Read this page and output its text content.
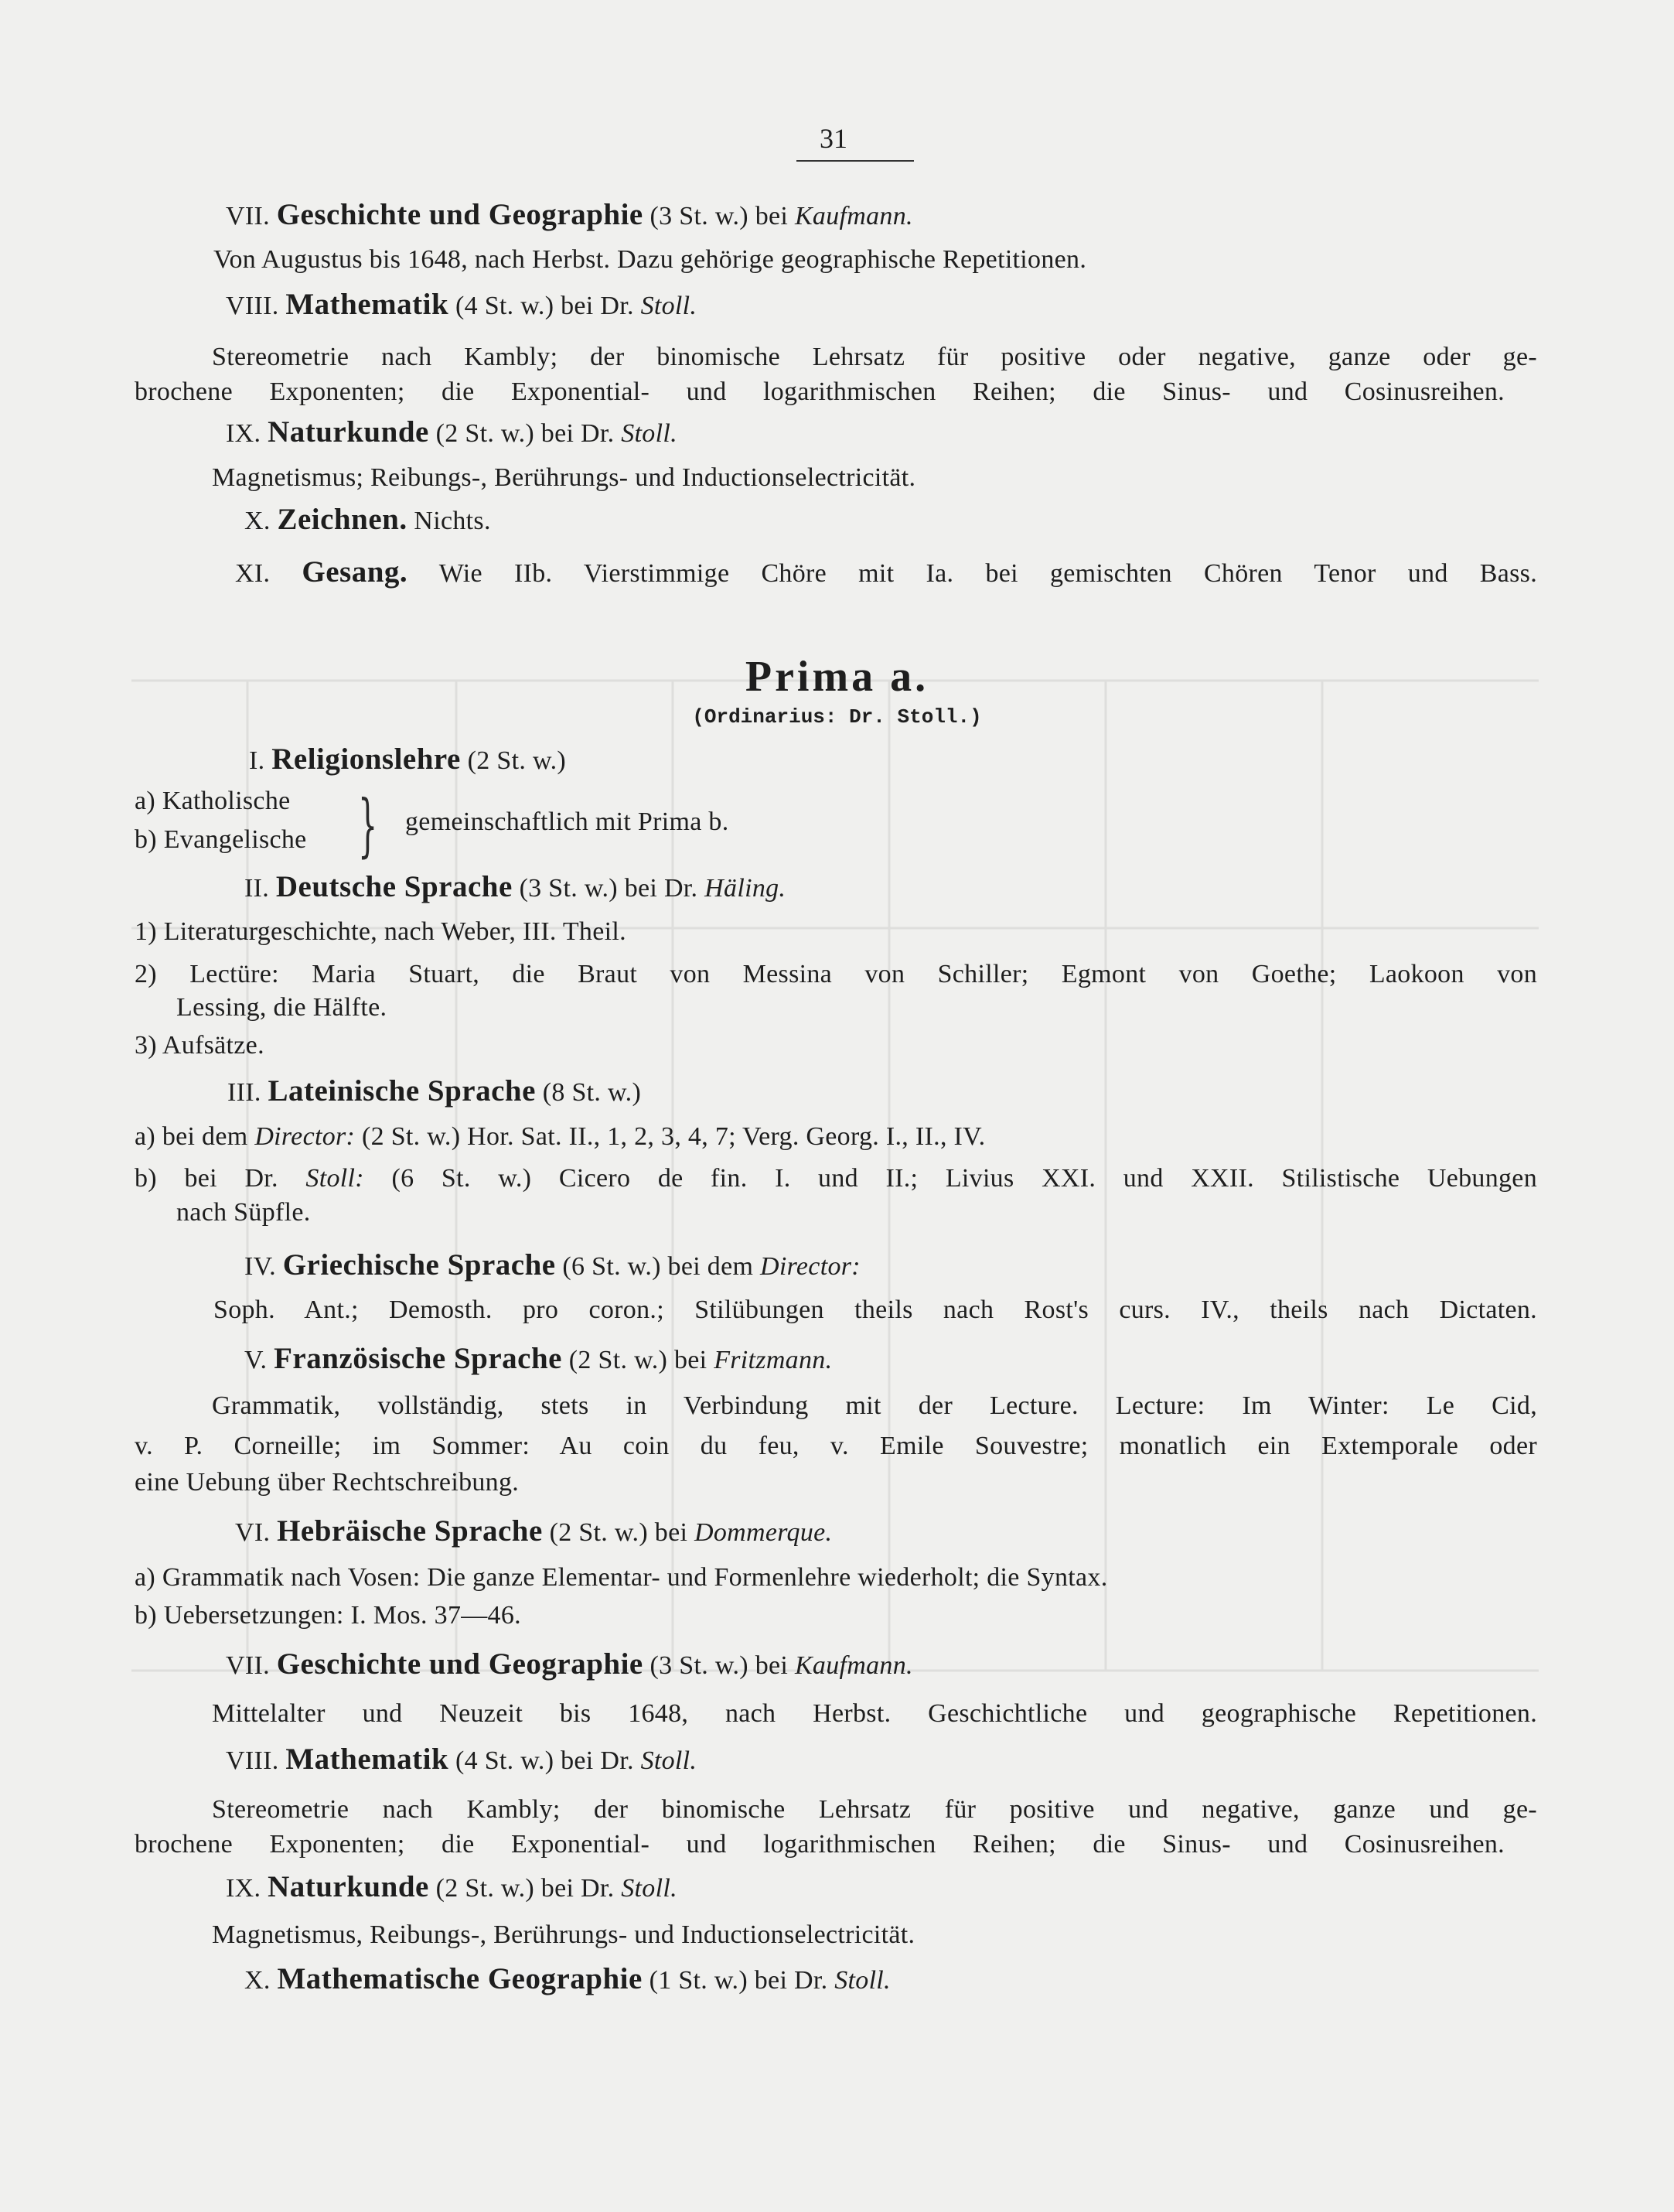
31
VII. Geschichte und Geographie (3 St. w.) bei Kaufmann.
Von Augustus bis 1648, nach Herbst. Dazu gehörige geographische Repetitionen.
VIII. Mathematik (4 St. w.) bei Dr. Stoll.
Stereometrie nach Kambly; der binomische Lehrsatz für positive oder negative, ganze oder ge-
brochene Exponenten; die Exponential- und logarithmischen Reihen; die Sinus- und Cosinusreihen.
IX. Naturkunde (2 St. w.) bei Dr. Stoll.
Magnetismus; Reibungs-, Berührungs- und Inductionselectricität.
X. Zeichnen. Nichts.
XI. Gesang. Wie IIb. Vierstimmige Chöre mit Ia. bei gemischten Chören Tenor und Bass.
Prima a.
(Ordinarius: Dr. Stoll.)
I. Religionslehre (2 St. w.)
a) Katholische
b) Evangelische } gemeinschaftlich mit Prima b.
II. Deutsche Sprache (3 St. w.) bei Dr. Häling.
1) Literaturgeschichte, nach Weber, III. Theil.
2) Lectüre: Maria Stuart, die Braut von Messina von Schiller; Egmont von Goethe; Laokoon von
Lessing, die Hälfte.
3) Aufsätze.
III. Lateinische Sprache (8 St. w.)
a) bei dem Director: (2 St. w.) Hor. Sat. II., 1, 2, 3, 4, 7; Verg. Georg. I., II., IV.
b) bei Dr. Stoll: (6 St. w.) Cicero de fin. I. und II.; Livius XXI. und XXII. Stilistische Uebungen
nach Süpfle.
IV. Griechische Sprache (6 St. w.) bei dem Director:
Soph. Ant.; Demosth. pro coron.; Stilübungen theils nach Rost's curs. IV., theils nach Dictaten.
V. Französische Sprache (2 St. w.) bei Fritzmann.
Grammatik, vollständig, stets in Verbindung mit der Lecture. Lecture: Im Winter: Le Cid,
v. P. Corneille; im Sommer: Au coin du feu, v. Emile Souvestre; monatlich ein Extemporale oder
eine Uebung über Rechtschreibung.
VI. Hebräische Sprache (2 St. w.) bei Dommerque.
a) Grammatik nach Vosen: Die ganze Elementar- und Formenlehre wiederholt; die Syntax.
b) Uebersetzungen: I. Mos. 37—46.
VII. Geschichte und Geographie (3 St. w.) bei Kaufmann.
Mittelalter und Neuzeit bis 1648, nach Herbst. Geschichtliche und geographische Repetitionen.
VIII. Mathematik (4 St. w.) bei Dr. Stoll.
Stereometrie nach Kambly; der binomische Lehrsatz für positive und negative, ganze und ge-
brochene Exponenten; die Exponential- und logarithmischen Reihen; die Sinus- und Cosinusreihen.
IX. Naturkunde (2 St. w.) bei Dr. Stoll.
Magnetismus, Reibungs-, Berührungs- und Inductionselectricität.
X. Mathematische Geographie (1 St. w.) bei Dr. Stoll.
